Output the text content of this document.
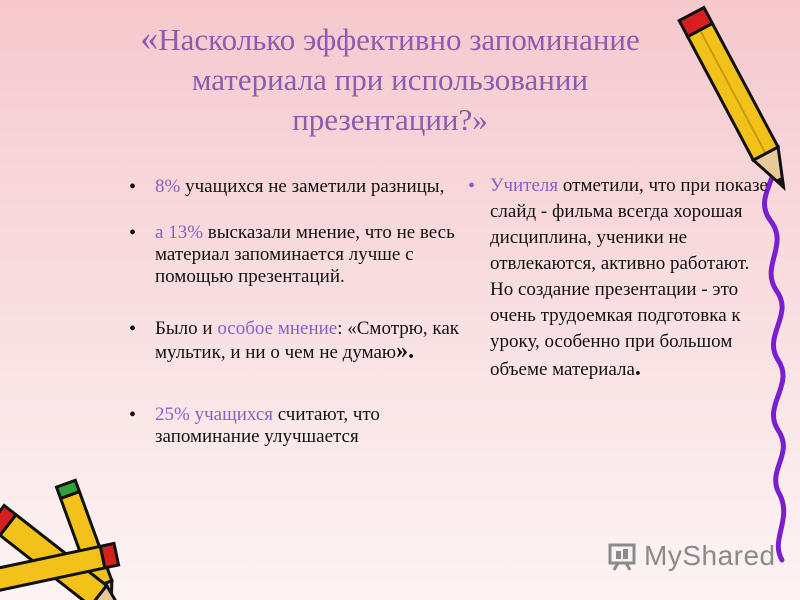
«Насколько эффективно запоминание материала при использовании презентации?»
• 8% учащихся не заметили разницы,
• а 13% высказали мнение, что не весь материал запоминается лучше с помощью презентаций.
• Было и особое мнение: «Смотрю, как мультик, и ни о чем не думаю».
• 25% учащихся считают, что запоминание улучшается
• Учителя отметили, что при показе слайд - фильма всегда хорошая дисциплина, ученики не отвлекаются, активно работают. Но создание презентации - это очень трудоемкая подготовка к уроку, особенно при большом объеме материала.
MyShared
